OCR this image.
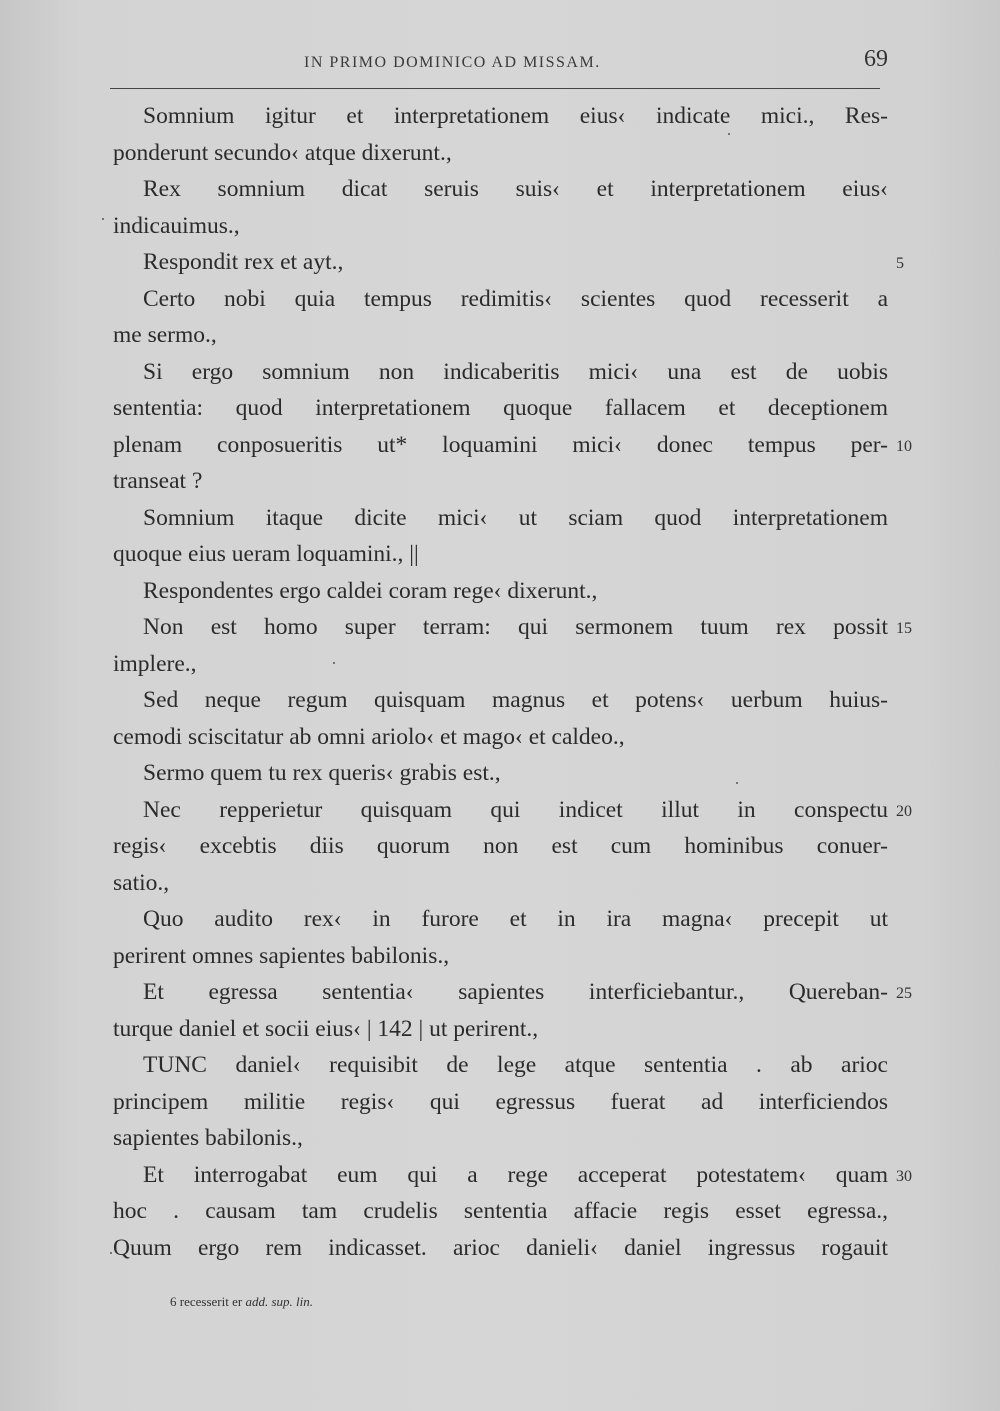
IN PRIMO DOMINICO AD MISSAM.	69
Somnium igitur et interpretationem eius‹ indicate mici., Res-
ponderunt secundo‹ atque dixerunt.,
Rex somnium dicat seruis suis‹ et interpretationem eius‹
indicauimus.,
Respondit rex et ayt.,
Certo nobi quia tempus redimitis‹ scientes quod recesserit a
me sermo.,
Si ergo somnium non indicaberitis mici‹ una est de uobis
sententia: quod interpretationem quoque fallacem et deceptionem
plenam conposueritis ut* loquamini mici‹ donec tempus per-
transeat ?
Somnium itaque dicite mici‹ ut sciam quod interpretationem
quoque eius ueram loquamini., ||
Respondentes ergo caldei coram rege‹ dixerunt.,
Non est homo super terram: qui sermonem tuum rex possit
implere.,
Sed neque regum quisquam magnus et potens‹ uerbum huius-
cemodi sciscitatur ab omni ariolo‹ et mago‹ et caldeo.,
Sermo quem tu rex queris‹ grabis est.,
Nec repperietur quisquam qui indicet illut in conspectu
regis‹ excebtis diis quorum non est cum hominibus conuer-
satio.,
Quo audito rex‹ in furore et in ira magna‹ precepit ut
perirent omnes sapientes babilonis.,
Et egressa sententia‹ sapientes interficiebantur., Quereban-
turque daniel et socii eius‹ | 142 | ut perirent.,
TUNC daniel‹ requisibit de lege atque sententia . ab arioc
principem militie regis‹ qui egressus fuerat ad interficiendos
sapientes babilonis.,
Et interrogabat eum qui a rege acceperat potestatem‹ quam
hoc . causam tam crudelis sententia affacie regis esset egressa.,
Quum ergo rem indicasset. arioc danieli‹ daniel ingressus rogauit
5
10
15
20
25
30
6 recesserit er add. sup. lin.
